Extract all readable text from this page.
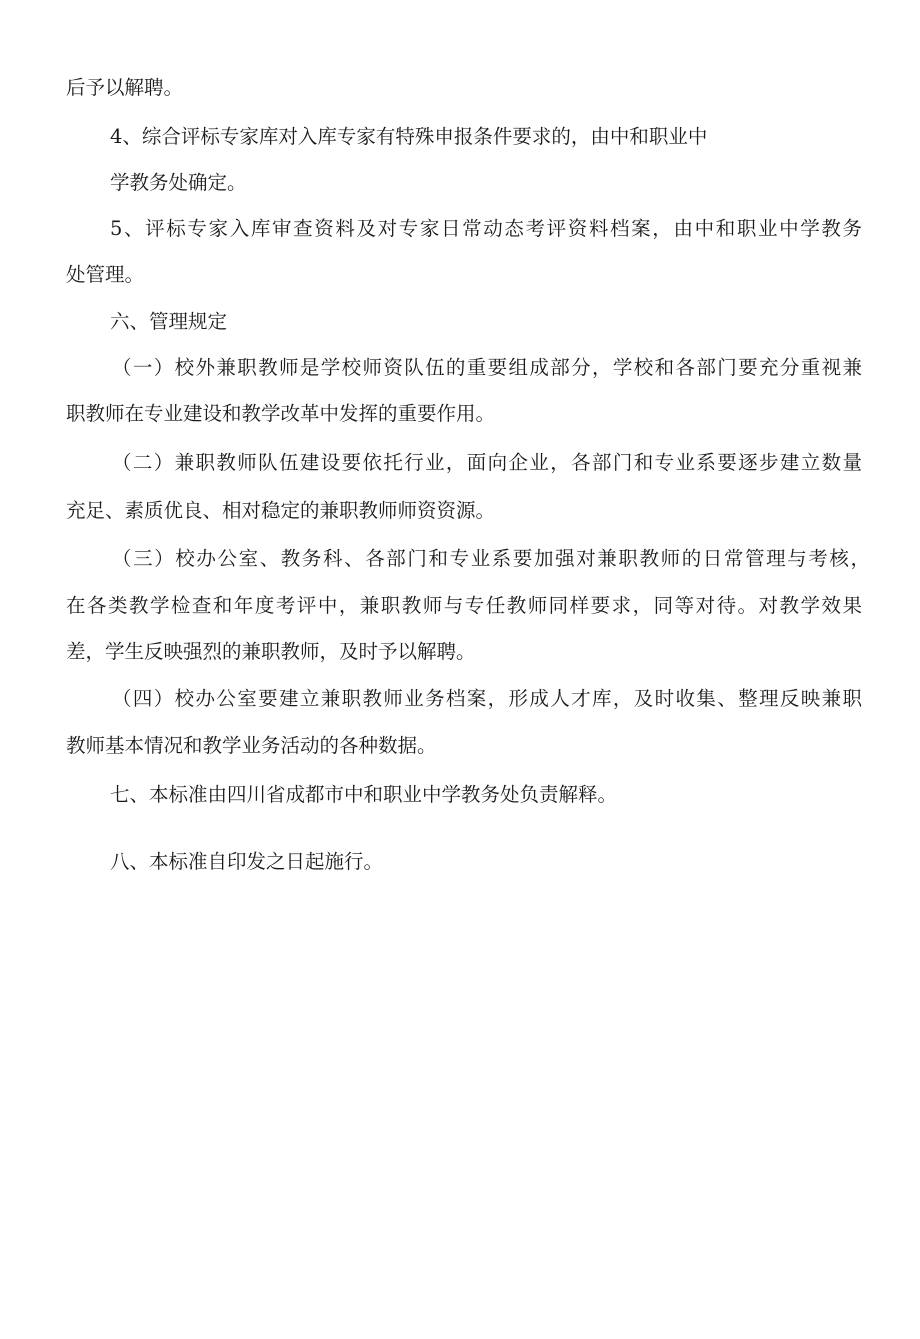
后予以解聘。
4、综合评标专家库对入库专家有特殊申报条件要求的，由中和职业中
学教务处确定。
5、评标专家入库审查资料及对专家日常动态考评资料档案，由中和职业中学教务
处管理。
六、管理规定
（一）校外兼职教师是学校师资队伍的重要组成部分，学校和各部门要充分重视兼
职教师在专业建设和教学改革中发挥的重要作用。
（二）兼职教师队伍建设要依托行业，面向企业，各部门和专业系要逐步建立数量
充足、素质优良、相对稳定的兼职教师师资资源。
（三）校办公室、教务科、各部门和专业系要加强对兼职教师的日常管理与考核，
在各类教学检查和年度考评中，兼职教师与专任教师同样要求，同等对待。对教学效果
差，学生反映强烈的兼职教师，及时予以解聘。
（四）校办公室要建立兼职教师业务档案，形成人才库，及时收集、整理反映兼职
教师基本情况和教学业务活动的各种数据。
七、本标准由四川省成都市中和职业中学教务处负责解释。
八、本标准自印发之日起施行。
